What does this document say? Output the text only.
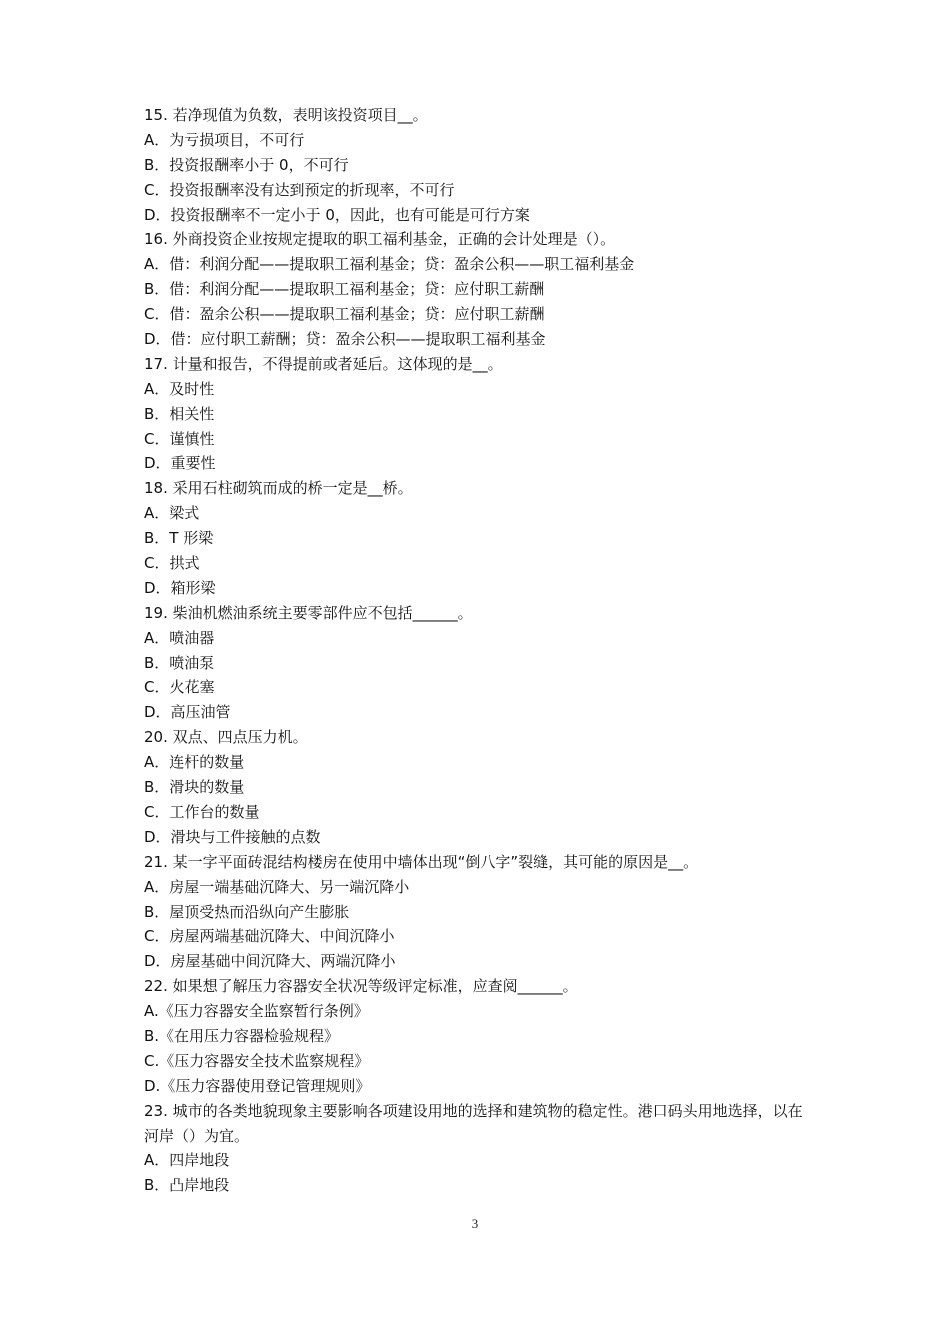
15. 若净现值为负数，表明该投资项目__。
A．为亏损项目，不可行
B．投资报酬率小于 0，不可行
C．投资报酬率没有达到预定的折现率，不可行
D．投资报酬率不一定小于 0，因此，也有可能是可行方案
16. 外商投资企业按规定提取的职工福利基金，正确的会计处理是（）。
A．借：利润分配——提取职工福利基金；贷：盈余公积——职工福利基金
B．借：利润分配——提取职工福利基金；贷：应付职工薪酬
C．借：盈余公积——提取职工福利基金；贷：应付职工薪酬
D．借：应付职工薪酬；贷：盈余公积——提取职工福利基金
17. 计量和报告，不得提前或者延后。这体现的是__。
A．及时性
B．相关性
C．谨慎性
D．重要性
18. 采用石柱砌筑而成的桥一定是__桥。
A．梁式
B．T 形梁
C．拱式
D．箱形梁
19. 柴油机燃油系统主要零部件应不包括______。
A．喷油器
B．喷油泵
C．火花塞
D．高压油管
20. 双点、四点压力机。
A．连杆的数量
B．滑块的数量
C．工作台的数量
D．滑块与工件接触的点数
21. 某一字平面砖混结构楼房在使用中墙体出现“倒八字”裂缝，其可能的原因是__。
A．房屋一端基础沉降大、另一端沉降小
B．屋顶受热而沿纵向产生膨胀
C．房屋两端基础沉降大、中间沉降小
D．房屋基础中间沉降大、两端沉降小
22. 如果想了解压力容器安全状况等级评定标准，应查阅______。
A.《压力容器安全监察暂行条例》
B.《在用压力容器检验规程》
C.《压力容器安全技术监察规程》
D.《压力容器使用登记管理规则》
23. 城市的各类地貌现象主要影响各项建设用地的选择和建筑物的稳定性。港口码头用地选择，以在河岸（）为宜。
A．四岸地段
B．凸岸地段
3
